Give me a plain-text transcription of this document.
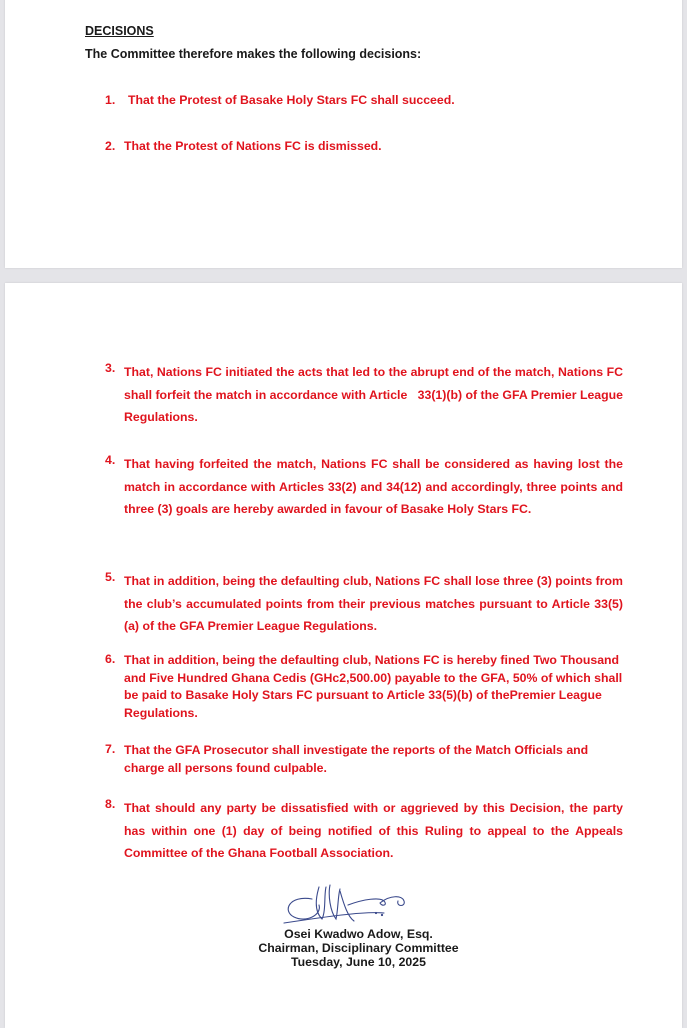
DECISIONS
The Committee therefore makes the following decisions:
1. That the Protest of Basake Holy Stars FC shall succeed.
2. That the Protest of Nations FC is dismissed.
3. That, Nations FC initiated the acts that led to the abrupt end of the match, Nations FC shall forfeit the match in accordance with Article   33(1)(b) of the GFA Premier League Regulations.
4. That having forfeited the match, Nations FC shall be considered as having lost the match in accordance with Articles 33(2) and 34(12) and accordingly, three points and three (3) goals are hereby awarded in favour of Basake Holy Stars FC.
5. That in addition, being the defaulting club, Nations FC shall lose three (3) points from the club’s accumulated points from their previous matches pursuant to Article 33(5)(a) of the GFA Premier League Regulations.
6. That in addition, being the defaulting club, Nations FC is hereby fined Two Thousand and Five Hundred Ghana Cedis (GHc2,500.00) payable to the GFA, 50% of which shall be paid to Basake Holy Stars FC pursuant to Article 33(5)(b) of thePremier League Regulations.
7. That the GFA Prosecutor shall investigate the reports of the Match Officials and charge all persons found culpable.
8. That should any party be dissatisfied with or aggrieved by this Decision, the party has within one (1) day of being notified of this Ruling to appeal to the Appeals Committee of the Ghana Football Association.
Osei Kwadwo Adow, Esq.
Chairman, Disciplinary Committee
Tuesday, June 10, 2025
